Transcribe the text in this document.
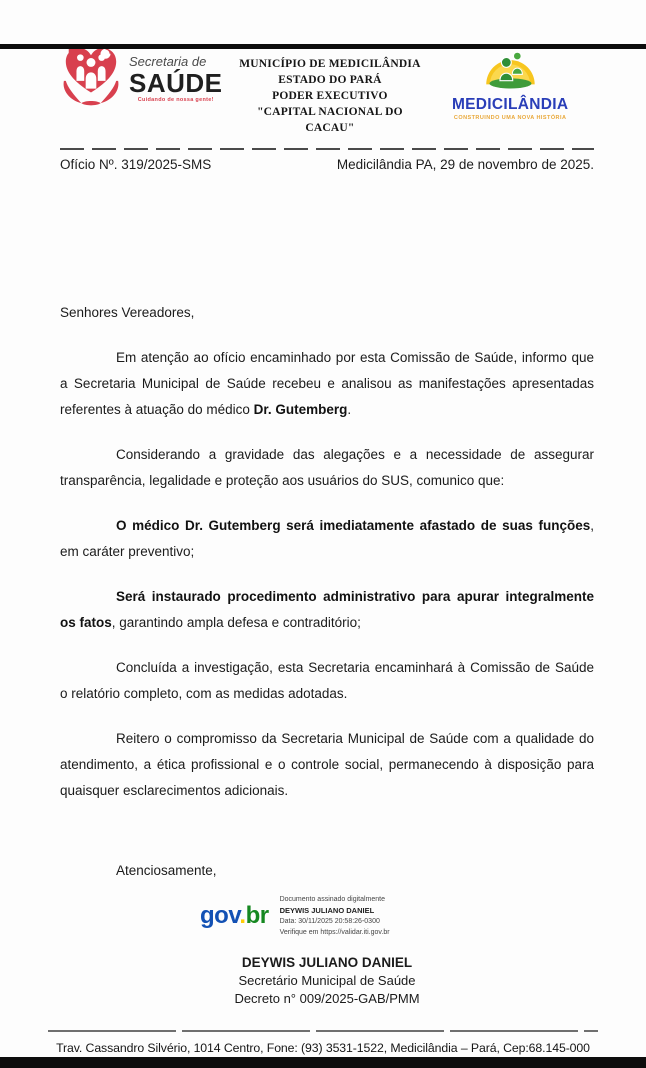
Secretaria de
SAÚDE
Cuidando de nossa gente!
MUNICÍPIO DE MEDICILÂNDIA
ESTADO DO PARÁ
PODER EXECUTIVO
"CAPITAL NACIONAL DO CACAU"
MEDICILÂNDIA
CONSTRUINDO UMA NOVA HISTÓRIA
Ofício Nº. 319/2025-SMS	Medicilândia PA, 29 de novembro de 2025.

Senhores Vereadores,

Em atenção ao ofício encaminhado por esta Comissão de Saúde, informo que a Secretaria Municipal de Saúde recebeu e analisou as manifestações apresentadas referentes à atuação do médico Dr. Gutemberg.

Considerando a gravidade das alegações e a necessidade de assegurar transparência, legalidade e proteção aos usuários do SUS, comunico que:

O médico Dr. Gutemberg será imediatamente afastado de suas funções, em caráter preventivo;

Será instaurado procedimento administrativo para apurar integralmente os fatos, garantindo ampla defesa e contraditório;

Concluída a investigação, esta Secretaria encaminhará à Comissão de Saúde o relatório completo, com as medidas adotadas.

Reitero o compromisso da Secretaria Municipal de Saúde com a qualidade do atendimento, a ética profissional e o controle social, permanecendo à disposição para quaisquer esclarecimentos adicionais.

Atenciosamente,

gov.br
Documento assinado digitalmente
DEYWIS JULIANO DANIEL
Data: 30/11/2025 20:58:26-0300
Verifique em https://validar.iti.gov.br
DEYWIS JULIANO DANIEL
Secretário Municipal de Saúde
Decreto n° 009/2025-GAB/PMM
Trav. Cassandro Silvério, 1014 Centro, Fone: (93) 3531-1522, Medicilândia – Pará, Cep:68.145-000
